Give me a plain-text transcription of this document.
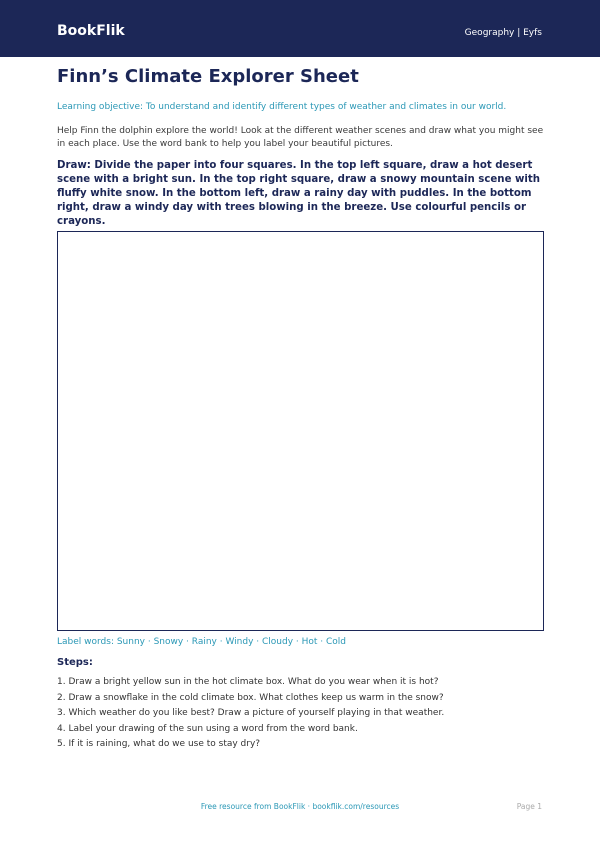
BookFlik	Geography | Eyfs
Finn’s Climate Explorer Sheet
Learning objective: To understand and identify different types of weather and climates in our world.
Help Finn the dolphin explore the world! Look at the different weather scenes and draw what you might see in each place. Use the word bank to help you label your beautiful pictures.
Draw: Divide the paper into four squares. In the top left square, draw a hot desert scene with a bright sun. In the top right square, draw a snowy mountain scene with fluffy white snow. In the bottom left, draw a rainy day with puddles. In the bottom right, draw a windy day with trees blowing in the breeze. Use colourful pencils or crayons.
Label words: Sunny · Snowy · Rainy · Windy · Cloudy · Hot · Cold
Steps:
1. Draw a bright yellow sun in the hot climate box. What do you wear when it is hot?
2. Draw a snowflake in the cold climate box. What clothes keep us warm in the snow?
3. Which weather do you like best? Draw a picture of yourself playing in that weather.
4. Label your drawing of the sun using a word from the word bank.
5. If it is raining, what do we use to stay dry?
Free resource from BookFlik · bookflik.com/resources	Page 1
